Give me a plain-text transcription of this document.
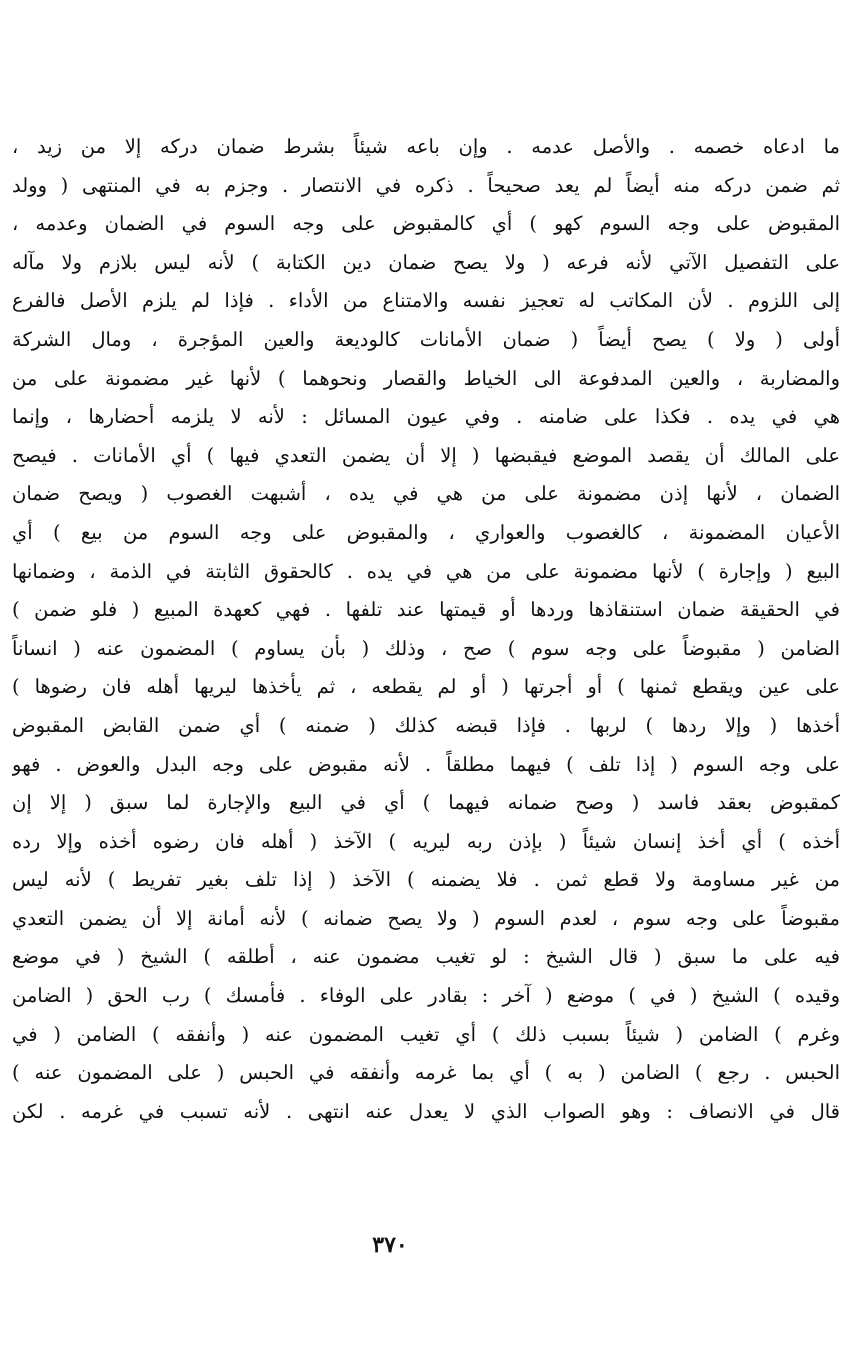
ما ادعاه خصمه . والأصل عدمه . وإن باعه شيئاً بشرط ضمان دركه إلا من زيد ،
ثم ضمن دركه منه أيضاً لم يعد صحيحاً . ذكره في الانتصار . وجزم به في المنتهى ( وولد
المقبوض على وجه السوم كهو ) أي كالمقبوض على وجه السوم في الضمان وعدمه ،
على التفصيل الآتي لأنه فرعه ( ولا يصح ضمان دين الكتابة ) لأنه ليس بلازم ولا مآله
إلى اللزوم . لأن المكاتب له تعجيز نفسه والامتناع من الأداء . فإذا لم يلزم الأصل فالفرع
أولى ( ولا ) يصح أيضاً ( ضمان الأمانات كالوديعة والعين المؤجرة ، ومال الشركة
والمضاربة ، والعين المدفوعة الى الخياط والقصار ونحوهما ) لأنها غير مضمونة على من
هي في يده . فكذا على ضامنه . وفي عيون المسائل : لأنه لا يلزمه أحضارها ، وإنما
على المالك أن يقصد الموضع فيقبضها ( إلا أن يضمن التعدي فيها ) أي الأمانات . فيصح
الضمان ، لأنها إذن مضمونة على من هي في يده ، أشبهت الغصوب ( ويصح ضمان
الأعيان المضمونة ، كالغصوب والعواري ، والمقبوض على وجه السوم من بيع ) أي
البيع ( وإجارة ) لأنها مضمونة على من هي في يده . كالحقوق الثابتة في الذمة ، وضمانها
في الحقيقة ضمان استنقاذها وردها أو قيمتها عند تلفها . فهي كعهدة المبيع ( فلو ضمن )
الضامن ( مقبوضاً على وجه سوم ) صح ، وذلك ( بأن يساوم ) المضمون عنه ( انساناً
على عين ويقطع ثمنها ) أو أجرتها ( أو لم يقطعه ، ثم يأخذها ليريها أهله فان رضوها )
أخذها ( وإلا ردها ) لربها . فإذا قبضه كذلك ( ضمنه ) أي ضمن القابض المقبوض
على وجه السوم ( إذا تلف ) فيهما مطلقاً . لأنه مقبوض على وجه البدل والعوض . فهو
كمقبوض بعقد فاسد ( وصح ضمانه فيهما ) أي في البيع والإجارة لما سبق ( إلا إن
أخذه ) أي أخذ إنسان شيئاً ( بإذن ربه ليريه ) الآخذ ( أهله فان رضوه أخذه وإلا رده
من غير مساومة ولا قطع ثمن . فلا يضمنه ) الآخذ ( إذا تلف بغير تفريط ) لأنه ليس
مقبوضاً على وجه سوم ، لعدم السوم ( ولا يصح ضمانه ) لأنه أمانة إلا أن يضمن التعدي
فيه على ما سبق ( قال الشيخ : لو تغيب مضمون عنه ، أطلقه ) الشيخ ( في موضع
وقيده ) الشيخ ( في ) موضع ( آخر : بقادر على الوفاء . فأمسك ) رب الحق ( الضامن
وغرم ) الضامن ( شيئاً بسبب ذلك ) أي تغيب المضمون عنه ( وأنفقه ) الضامن ( في
الحبس . رجع ) الضامن ( به ) أي بما غرمه وأنفقه في الحبس ( على المضمون عنه )
قال في الانصاف : وهو الصواب الذي لا يعدل عنه انتهى . لأنه تسبب في غرمه . لكن
٣٧٠
